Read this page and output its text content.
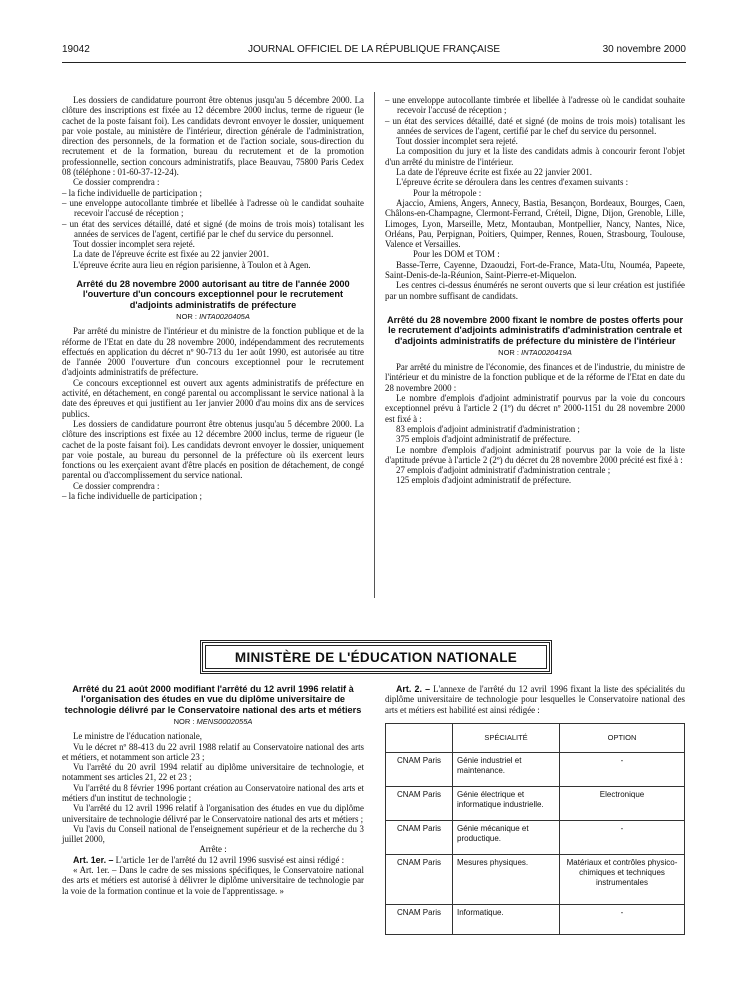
19042	JOURNAL OFFICIEL DE LA RÉPUBLIQUE FRANÇAISE	30 novembre 2000

Les dossiers de candidature pourront être obtenus jusqu'au 5 décembre 2000. La clôture des inscriptions est fixée au 12 décembre 2000 inclus, terme de rigueur (le cachet de la poste faisant foi). Les candidats devront envoyer le dossier, uniquement par voie postale, au ministère de l'intérieur, direction générale de l'administration, direction des personnels, de la formation et de l'action sociale, sous-direction du recrutement et de la formation, bureau du recrutement et de la promotion professionnelle, section concours administratifs, place Beauvau, 75800 Paris Cedex 08 (téléphone : 01-60-37-12-24).

Ce dossier comprendra :

– la fiche individuelle de participation ;

– une enveloppe autocollante timbrée et libellée à l'adresse où le candidat souhaite recevoir l'accusé de réception ;

– un état des services détaillé, daté et signé (de moins de trois mois) totalisant les années de services de l'agent, certifié par le chef du service du personnel.

Tout dossier incomplet sera rejeté.

La date de l'épreuve écrite est fixée au 22 janvier 2001.

L'épreuve écrite aura lieu en région parisienne, à Toulon et à Agen.

Arrêté du 28 novembre 2000 autorisant au titre de l'année 2000 l'ouverture d'un concours exceptionnel pour le recrutement d'adjoints administratifs de préfecture
NOR : INTA0020405A

Par arrêté du ministre de l'intérieur et du ministre de la fonction publique et de la réforme de l'Etat en date du 28 novembre 2000, indépendamment des recrutements effectués en application du décret nº 90-713 du 1er août 1990, est autorisée au titre de l'année 2000 l'ouverture d'un concours exceptionnel pour le recrutement d'adjoints administratifs de préfecture.

Ce concours exceptionnel est ouvert aux agents administratifs de préfecture en activité, en détachement, en congé parental ou accomplissant le service national à la date des épreuves et qui justifient au 1er janvier 2000 d'au moins dix ans de services publics.

Les dossiers de candidature pourront être obtenus jusqu'au 5 décembre 2000. La clôture des inscriptions est fixée au 12 décembre 2000 inclus, terme de rigueur (le cachet de la poste faisant foi). Les candidats devront envoyer le dossier, uniquement par voie postale, au bureau du personnel de la préfecture où ils exercent leurs fonctions ou les exerçaient avant d'être placés en position de détachement, de congé parental ou d'accomplissement du service national.

Ce dossier comprendra :

– la fiche individuelle de participation ;

– une enveloppe autocollante timbrée et libellée à l'adresse où le candidat souhaite recevoir l'accusé de réception ;

– un état des services détaillé, daté et signé (de moins de trois mois) totalisant les années de services de l'agent, certifié par le chef du service du personnel.

Tout dossier incomplet sera rejeté.

La composition du jury et la liste des candidats admis à concourir feront l'objet d'un arrêté du ministre de l'intérieur.

La date de l'épreuve écrite est fixée au 22 janvier 2001.

L'épreuve écrite se déroulera dans les centres d'examen suivants :

Pour la métropole :

Ajaccio, Amiens, Angers, Annecy, Bastia, Besançon, Bordeaux, Bourges, Caen, Châlons-en-Champagne, Clermont-Ferrand, Créteil, Digne, Dijon, Grenoble, Lille, Limoges, Lyon, Marseille, Metz, Montauban, Montpellier, Nancy, Nantes, Nice, Orléans, Pau, Perpignan, Poitiers, Quimper, Rennes, Rouen, Strasbourg, Toulouse, Valence et Versailles.

Pour les DOM et TOM :

Basse-Terre, Cayenne, Dzaoudzi, Fort-de-France, Mata-Utu, Nouméa, Papeete, Saint-Denis-de-la-Réunion, Saint-Pierre-et-Miquelon.

Les centres ci-dessus énumérés ne seront ouverts que si leur création est justifiée par un nombre suffisant de candidats.

Arrêté du 28 novembre 2000 fixant le nombre de postes offerts pour le recrutement d'adjoints administratifs d'administration centrale et d'adjoints administratifs de préfecture du ministère de l'intérieur
NOR : INTA0020419A

Par arrêté du ministre de l'économie, des finances et de l'industrie, du ministre de l'intérieur et du ministre de la fonction publique et de la réforme de l'Etat en date du 28 novembre 2000 :

Le nombre d'emplois d'adjoint administratif pourvus par la voie du concours exceptionnel prévu à l'article 2 (1º) du décret nº 2000-1151 du 28 novembre 2000 est fixé à :

83 emplois d'adjoint administratif d'administration ;

375 emplois d'adjoint administratif de préfecture.

Le nombre d'emplois d'adjoint administratif pourvus par la voie de la liste d'aptitude prévue à l'article 2 (2º) du décret du 28 novembre 2000 précité est fixé à :

27 emplois d'adjoint administratif d'administration centrale ;

125 emplois d'adjoint administratif de préfecture.

MINISTÈRE DE L'ÉDUCATION NATIONALE
Arrêté du 21 août 2000 modifiant l'arrêté du 12 avril 1996 relatif à l'organisation des études en vue du diplôme universitaire de technologie délivré par le Conservatoire national des arts et métiers
NOR : MENS0002055A

Le ministre de l'éducation nationale,

Vu le décret nº 88-413 du 22 avril 1988 relatif au Conservatoire national des arts et métiers, et notamment son article 23 ;

Vu l'arrêté du 20 avril 1994 relatif au diplôme universitaire de technologie, et notamment ses articles 21, 22 et 23 ;

Vu l'arrêté du 8 février 1996 portant création au Conservatoire national des arts et métiers d'un institut de technologie ;

Vu l'arrêté du 12 avril 1996 relatif à l'organisation des études en vue du diplôme universitaire de technologie délivré par le Conservatoire national des arts et métiers ;

Vu l'avis du Conseil national de l'enseignement supérieur et de la recherche du 3 juillet 2000,

Arrête :

Art. 1er. – L'article 1er de l'arrêté du 12 avril 1996 susvisé est ainsi rédigé :

« Art. 1er. – Dans le cadre de ses missions spécifiques, le Conservatoire national des arts et métiers est autorisé à délivrer le diplôme universitaire de technologie par la voie de la formation continue et la voie de l'apprentissage. »

Art. 2. – L'annexe de l'arrêté du 12 avril 1996 fixant la liste des spécialités du diplôme universitaire de technologie pour lesquelles le Conservatoire national des arts et métiers est habilité est ainsi rédigée :

	SPÉCIALITÉ	OPTION
CNAM Paris	Génie industriel et maintenance.	-
CNAM Paris	Génie électrique et informatique industrielle.	Electronique
CNAM Paris	Génie mécanique et productique.	-
CNAM Paris	Mesures physiques.	Matériaux et contrôles physico-chimiques et techniques instrumentales
CNAM Paris	Informatique.	-
